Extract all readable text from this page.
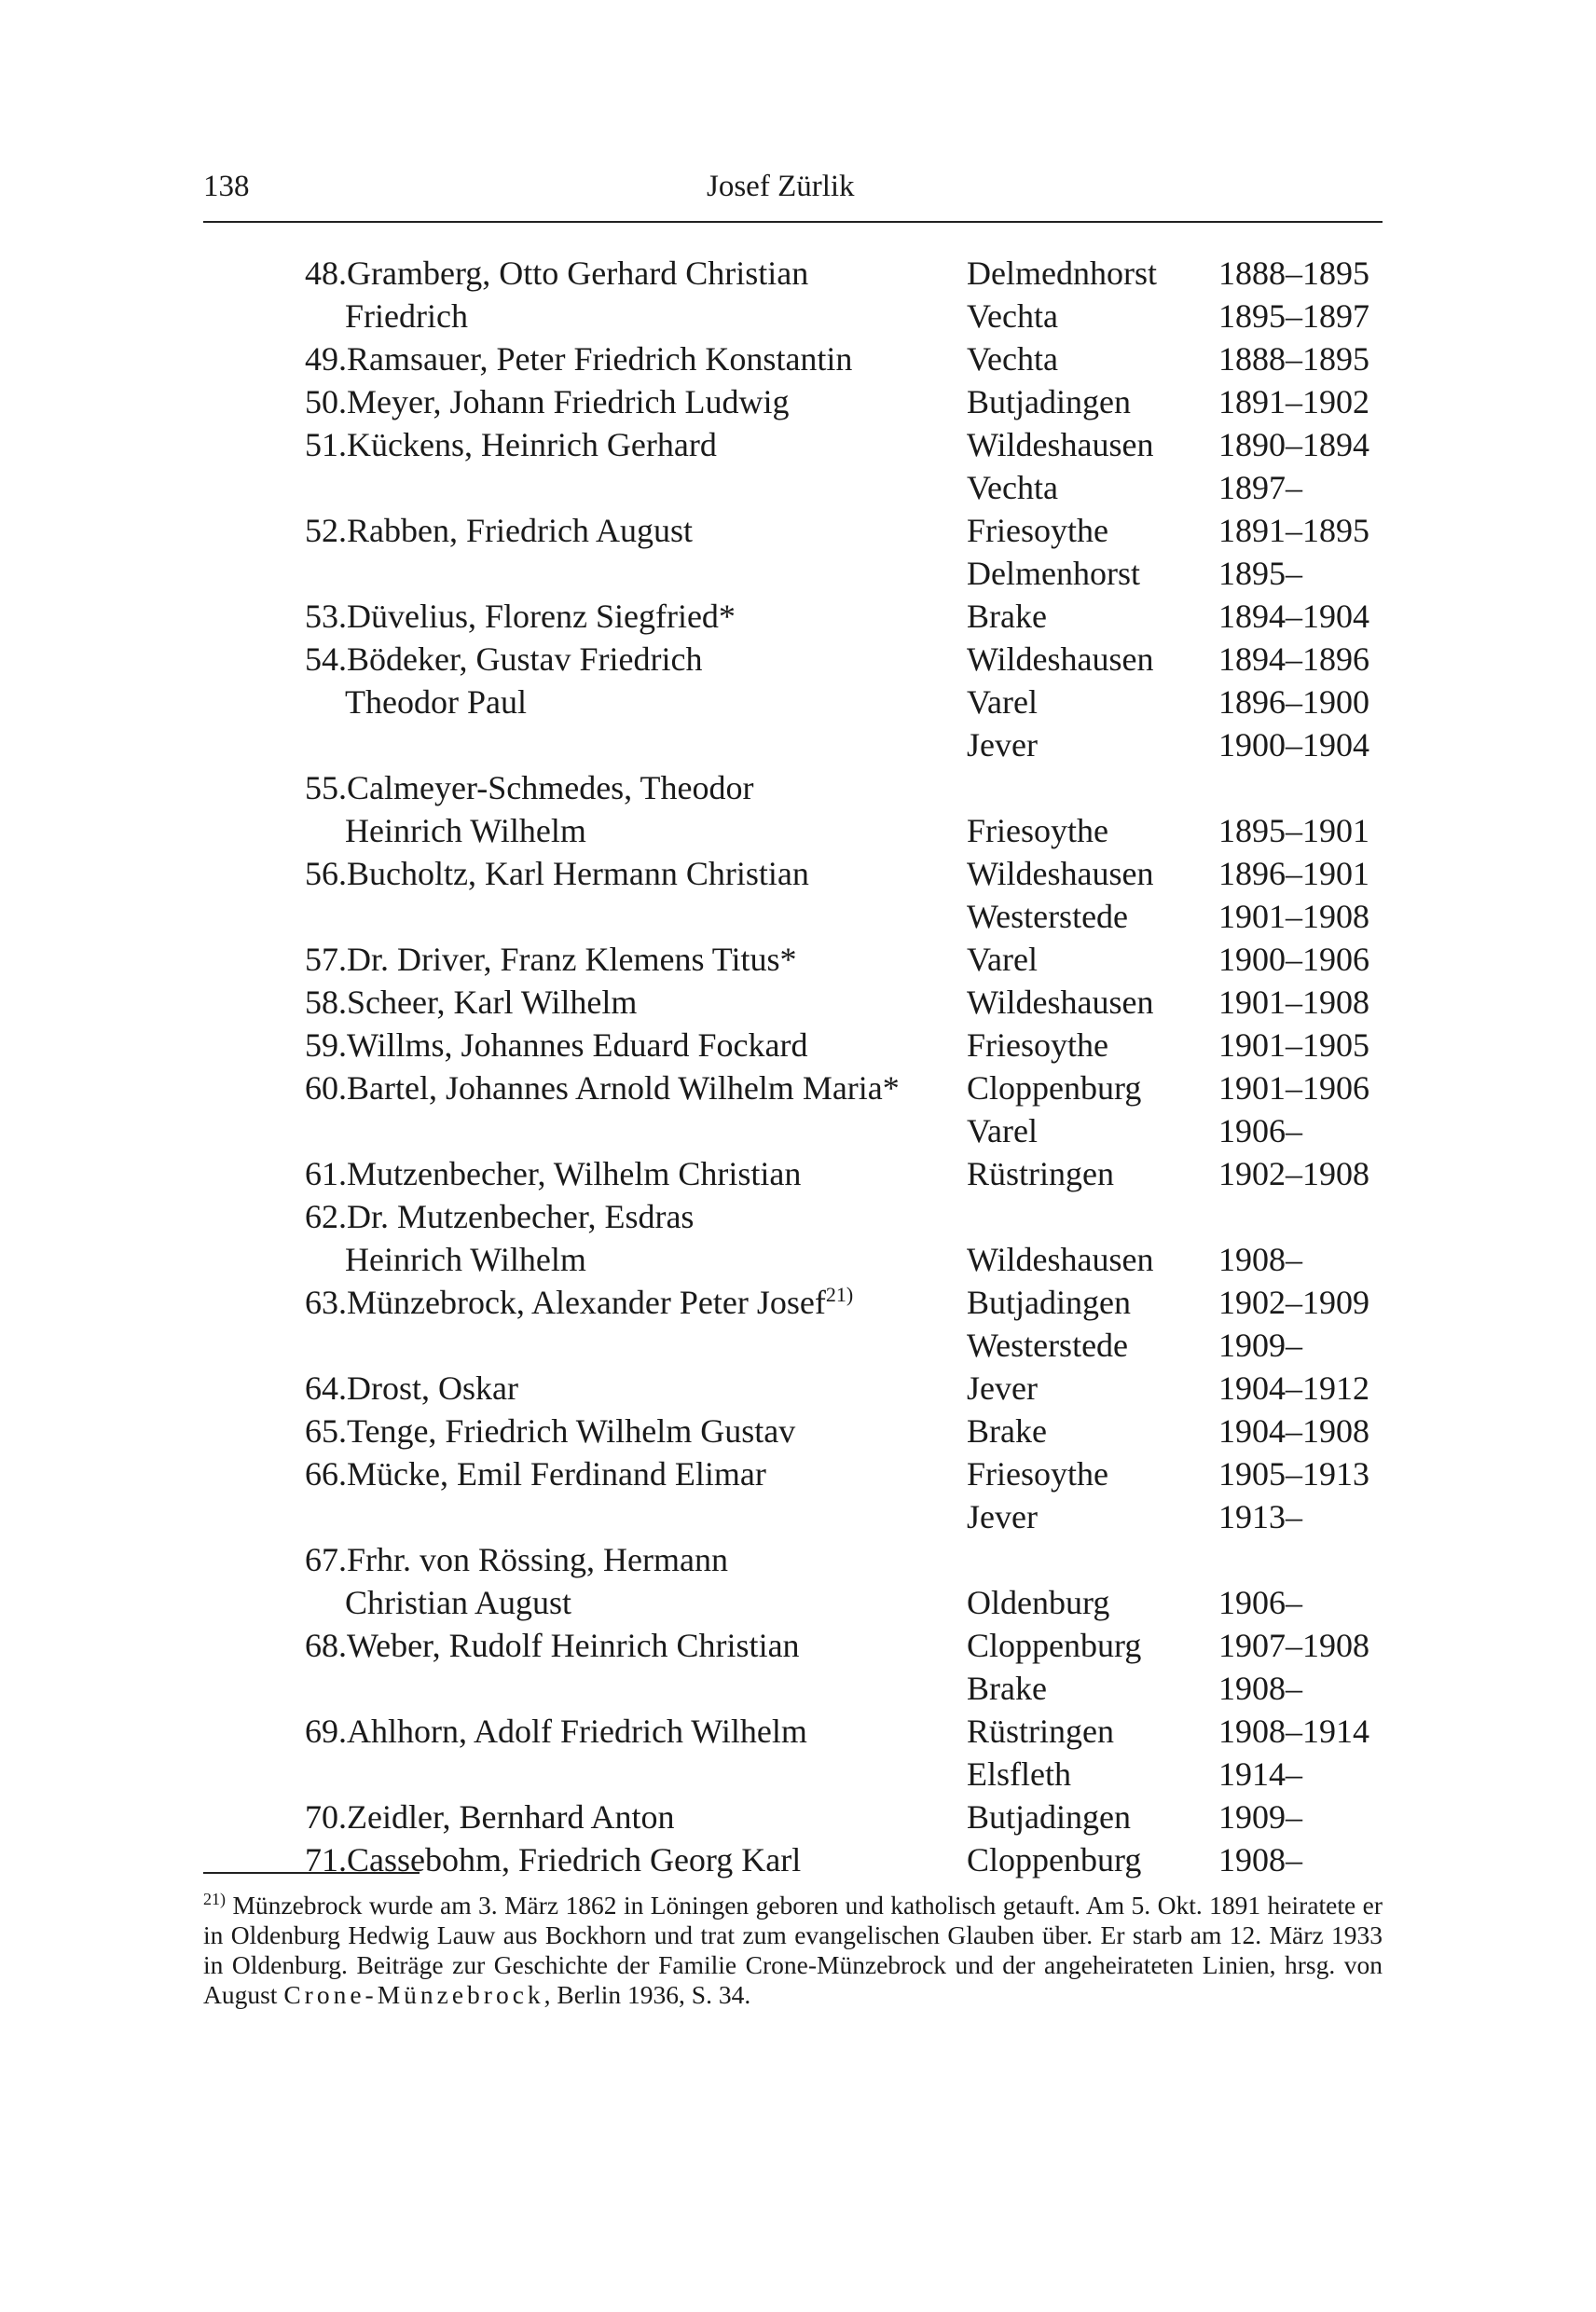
138	Josef Zürlik
48. Gramberg, Otto Gerhard Christian	Delmednhorst 1888–1895
Friedrich	Vechta	1895–1897
49. Ramsauer, Peter Friedrich Konstantin	Vechta	1888–1895
50. Meyer, Johann Friedrich Ludwig	Butjadingen	1891–1902
51. Kückens, Heinrich Gerhard	Wildeshausen 1890–1894
Vechta	1897–
52. Rabben, Friedrich August	Friesoythe	1891–1895
Delmenhorst 1895–
53. Düvelius, Florenz Siegfried*	Brake	1894–1904
54. Bödeker, Gustav Friedrich	Wildeshausen 1894–1896
Theodor Paul	Varel	1896–1900
Jever	1900–1904
55. Calmeyer-Schmedes, Theodor
Heinrich Wilhelm	Friesoythe	1895–1901
56. Bucholtz, Karl Hermann Christian	Wildeshausen 1896–1901
Westerstede	1901–1908
57. Dr. Driver, Franz Klemens Titus*	Varel	1900–1906
58. Scheer, Karl Wilhelm	Wildeshausen 1901–1908
59. Willms, Johannes Eduard Fockard	Friesoythe	1901–1905
60. Bartel, Johannes Arnold Wilhelm Maria* Cloppenburg 1901–1906
Varel	1906–
61. Mutzenbecher, Wilhelm Christian	Rüstringen	1902–1908
62. Dr. Mutzenbecher, Esdras
Heinrich Wilhelm	Wildeshausen 1908–
63. Münzebrock, Alexander Peter Josef$^{21)}$	Butjadingen	1902–1909
Westerstede	1909–
64. Drost, Oskar	Jever	1904–1912
65. Tenge, Friedrich Wilhelm Gustav	Brake	1904–1908
66. Mücke, Emil Ferdinand Elimar	Friesoythe	1905–1913
Jever	1913–
67. Frhr. von Rössing, Hermann
Christian August	Oldenburg	1906–
68. Weber, Rudolf Heinrich Christian	Cloppenburg 1907–1908
Brake	1908–
69. Ahlhorn, Adolf Friedrich Wilhelm	Rüstringen	1908–1914
Elsfleth	1914–
70. Zeidler, Bernhard Anton	Butjadingen	1909–
71. Cassebohm, Friedrich Georg Karl	Cloppenburg 1908–
$^{21)}$ Münzebrock wurde am 3. März 1862 in Löningen geboren und katholisch getauft. Am 5. Okt. 1891 heiratete er in Oldenburg Hedwig Lauw aus Bockhorn und trat zum evangelischen Glauben über. Er starb am 12. März 1933 in Oldenburg. Beiträge zur Geschichte der Familie Crone-Münzebrock und der angeheirateten Linien, hrsg. von August Crone-Münzebrock, Berlin 1936, S. 34.
